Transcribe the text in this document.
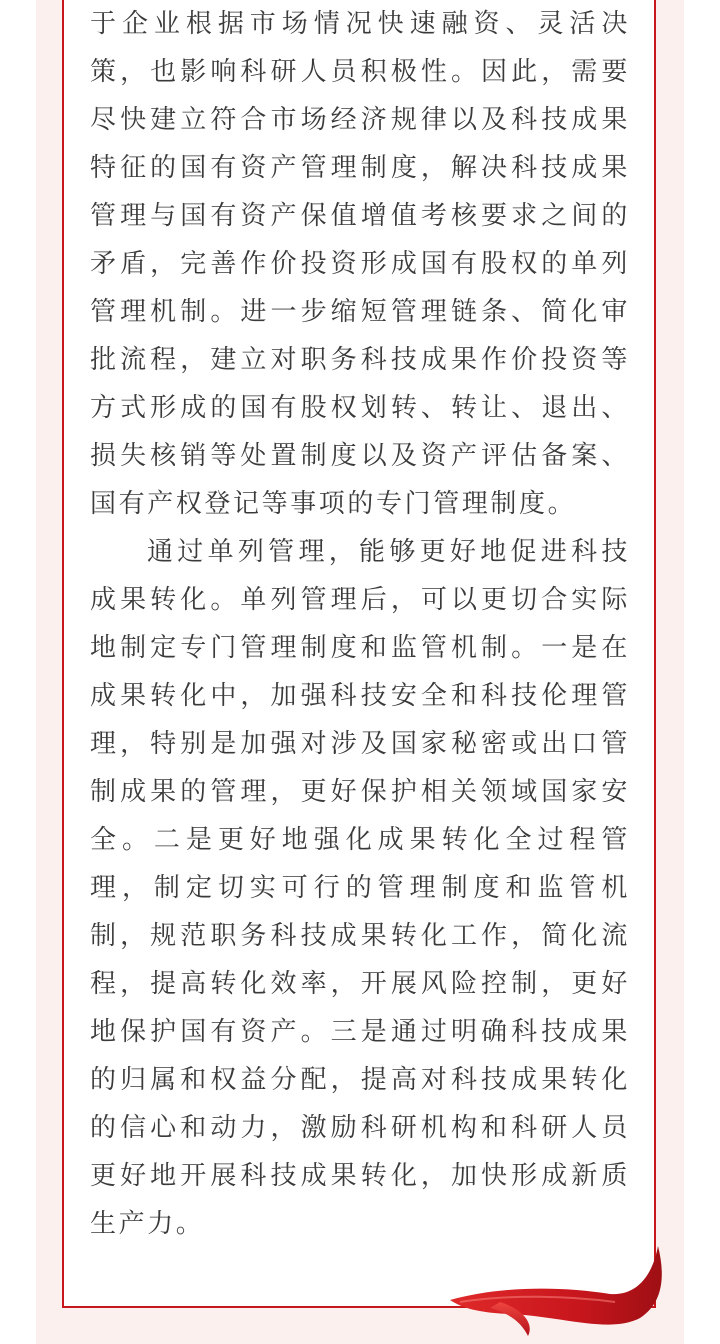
于企业根据市场情况快速融资、灵活决策，也影响科研人员积极性。因此，需要尽快建立符合市场经济规律以及科技成果特征的国有资产管理制度，解决科技成果管理与国有资产保值增值考核要求之间的矛盾，完善作价投资形成国有股权的单列管理机制。进一步缩短管理链条、简化审批流程，建立对职务科技成果作价投资等方式形成的国有股权划转、转让、退出、损失核销等处置制度以及资产评估备案、国有产权登记等事项的专门管理制度。

通过单列管理，能够更好地促进科技成果转化。单列管理后，可以更切合实际地制定专门管理制度和监管机制。一是在成果转化中，加强科技安全和科技伦理管理，特别是加强对涉及国家秘密或出口管制成果的管理，更好保护相关领域国家安全。二是更好地强化成果转化全过程管理，制定切实可行的管理制度和监管机制，规范职务科技成果转化工作，简化流程，提高转化效率，开展风险控制，更好地保护国有资产。三是通过明确科技成果的归属和权益分配，提高对科技成果转化的信心和动力，激励科研机构和科研人员更好地开展科技成果转化，加快形成新质生产力。
